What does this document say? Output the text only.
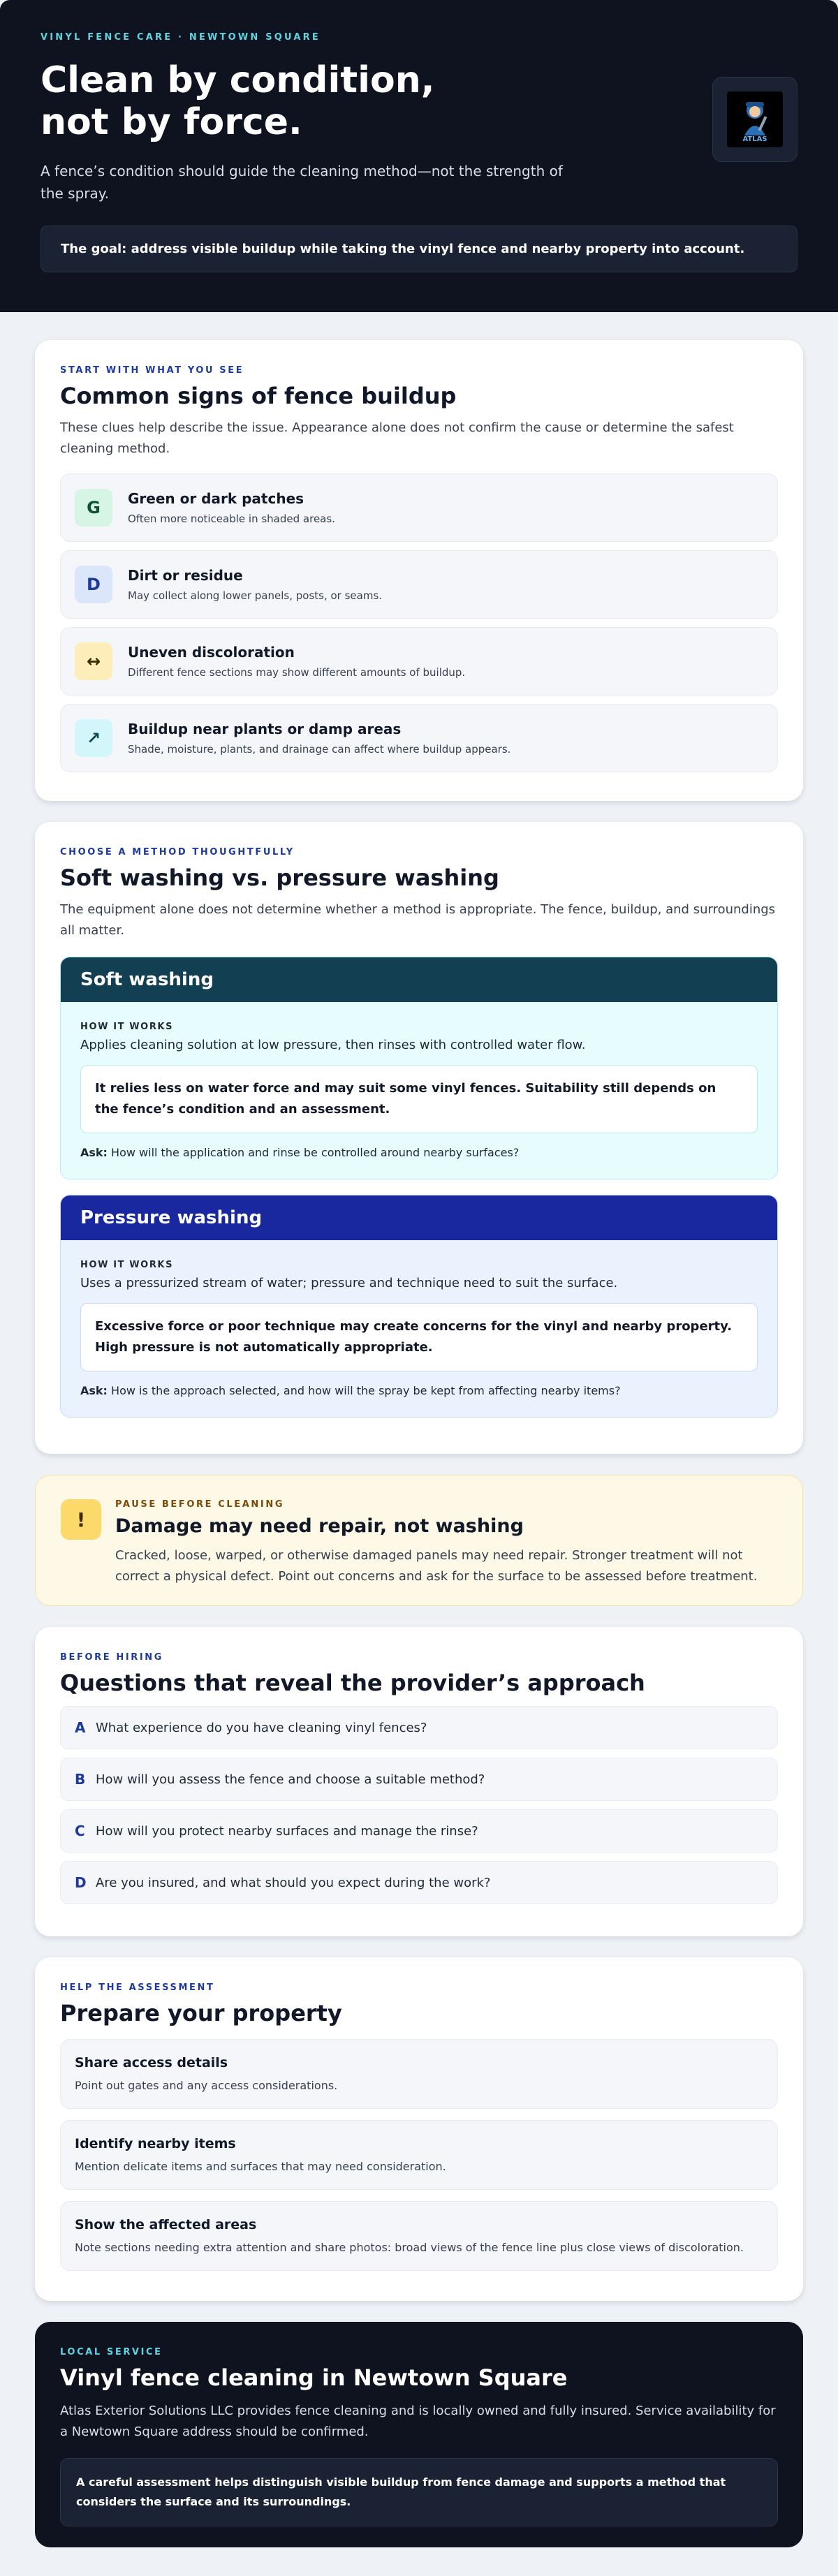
VINYL FENCE CARE · NEWTOWN SQUARE
Clean by condition,
not by force.

A fence’s condition should guide the cleaning method—not the strength of the spray.

The goal: address visible buildup while taking the vinyl fence and nearby property into account.
ATLAS
START WITH WHAT YOU SEE
Common signs of fence buildup

These clues help describe the issue. Appearance alone does not confirm the cause or determine the safest cleaning method.

G	Green or dark patches
Often more noticeable in shaded areas.
D	Dirt or residue
May collect along lower panels, posts, or seams.
↔	Uneven discoloration
Different fence sections may show different amounts of buildup.
↗	Buildup near plants or damp areas
Shade, moisture, plants, and drainage can affect where buildup appears.
CHOOSE A METHOD THOUGHTFULLY
Soft washing vs. pressure washing

The equipment alone does not determine whether a method is appropriate. The fence, buildup, and surroundings all matter.

Soft washing
HOW IT WORKS
Applies cleaning solution at low pressure, then rinses with controlled water flow.
It relies less on water force and may suit some vinyl fences. Suitability still depends on the fence’s condition and an assessment.
Ask: How will the application and rinse be controlled around nearby surfaces?
Pressure washing
HOW IT WORKS
Uses a pressurized stream of water; pressure and technique need to suit the surface.
Excessive force or poor technique may create concerns for the vinyl and nearby property. High pressure is not automatically appropriate.
Ask: How is the approach selected, and how will the spray be kept from affecting nearby items?
!
PAUSE BEFORE CLEANING
Damage may need repair, not washing

Cracked, loose, warped, or otherwise damaged panels may need repair. Stronger treatment will not correct a physical defect. Point out concerns and ask for the surface to be assessed before treatment.

BEFORE HIRING
Questions that reveal the provider’s approach
A What experience do you have cleaning vinyl fences?
B How will you assess the fence and choose a suitable method?
C How will you protect nearby surfaces and manage the rinse?
D Are you insured, and what should you expect during the work?
HELP THE ASSESSMENT
Prepare your property
Share access details
Point out gates and any access considerations.
Identify nearby items
Mention delicate items and surfaces that may need consideration.
Show the affected areas
Note sections needing extra attention and share photos: broad views of the fence line plus close views of discoloration.
LOCAL SERVICE
Vinyl fence cleaning in Newtown Square

Atlas Exterior Solutions LLC provides fence cleaning and is locally owned and fully insured. Service availability for a Newtown Square address should be confirmed.

A careful assessment helps distinguish visible buildup from fence damage and supports a method that considers the surface and its surroundings.
